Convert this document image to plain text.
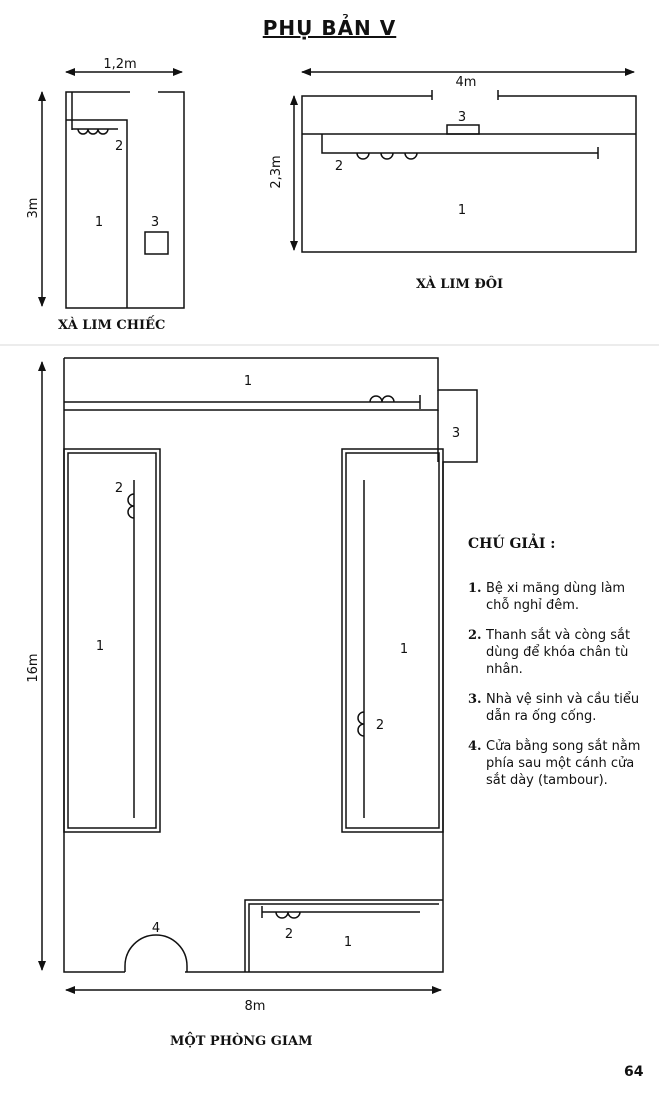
PHỤ BẢN V
1,2m
3m
1
2
3
4m
2,3m
3
2
1
1
3
2
1	1
2
2
1
4
8m
16m
XÀ LIM CHIẾC
XÀ LIM ĐÔI
MỘT PHÒNG GIAM
CHÚ GIẢI :
1. Bệ xi măng dùng làm chỗ nghỉ đêm.
2. Thanh sắt và còng sắt dùng để khóa chân tù nhân.
3. Nhà vệ sinh và cầu tiểu dẫn ra ống cống.
4. Cửa bằng song sắt nằm phía sau một cánh cửa sắt dày (tambour).
64
